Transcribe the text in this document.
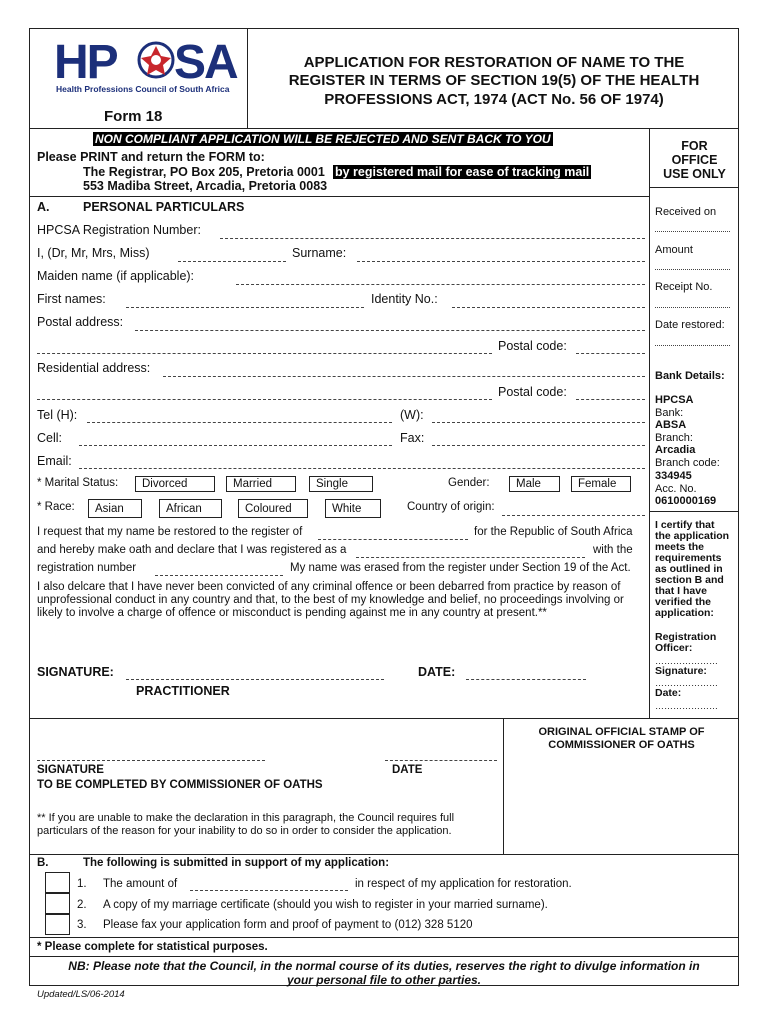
HP SA
Health Professions Council of South Africa
APPLICATION FOR RESTORATION OF NAME TO THE
REGISTER IN TERMS OF SECTION 19(5) OF THE HEALTH
PROFESSIONS ACT, 1974 (ACT No. 56 OF 1974)
Form 18
NON COMPLIANT APPLICATION WILL BE REJECTED AND SENT BACK TO YOU
Please PRINT and return the FORM to:
The Registrar, PO Box 205, Pretoria 0001 by registered mail for ease of tracking mail
553 Madiba Street, Arcadia, Pretoria 0083
FOR
OFFICE
USE ONLY
Received on
Amount
Receipt No.
Date restored:
Bank Details:
HPCSA
Bank:
ABSA
Branch:
Arcadia
Branch code:
334945
Acc. No.
0610000169
I certify that
the application
meets the
requirements
as outlined in
section B and
that I have
verified the
application:
Registration
Officer:
…………………
Signature:
…………………
Date:
…………………
A.	PERSONAL PARTICULARS
HPCSA Registration Number:
I, (Dr, Mr, Mrs, Miss)	Surname:
Maiden name (if applicable):
First names:	Identity No.:
Postal address:
Postal code:
Residential address:
Postal code:
Tel (H):	(W):
Cell:	Fax:
Email:
* Marital Status:	Divorced	Married	Single	Gender:	Male	Female
* Race:	Asian	African	Coloured	White	Country of origin:
I request that my name be restored to the register of	for the Republic of South Africa
and hereby make oath and declare that I was registered as a	with the
registration number	My name was erased from the register under Section 19 of the Act.
I also delcare that I have never been convicted of any criminal offence or been debarred from practice by reason of unprofessional conduct in any country and that, to the best of my knowledge and belief, no proceedings involving or likely to involve a charge of offence or misconduct is pending against me in any country at present.**
SIGNATURE:	DATE:
PRACTITIONER
ORIGINAL OFFICIAL STAMP OF
COMMISSIONER OF OATHS
SIGNATURE	DATE
TO BE COMPLETED BY COMMISSIONER OF OATHS
** If you are unable to make the declaration in this paragraph, the Council requires full particulars of the reason for your inability to do so in order to consider the application.
B.	The following is submitted in support of my application:
1. The amount of	in respect of my application for restoration.
2. A copy of my marriage certificate (should you wish to register in your married surname).
3. Please fax your application form and proof of payment to (012) 328 5120
* Please complete for statistical purposes.
NB: Please note that the Council, in the normal course of its duties, reserves the right to divulge information in
your personal file to other parties.
Updated/LS/06-2014
